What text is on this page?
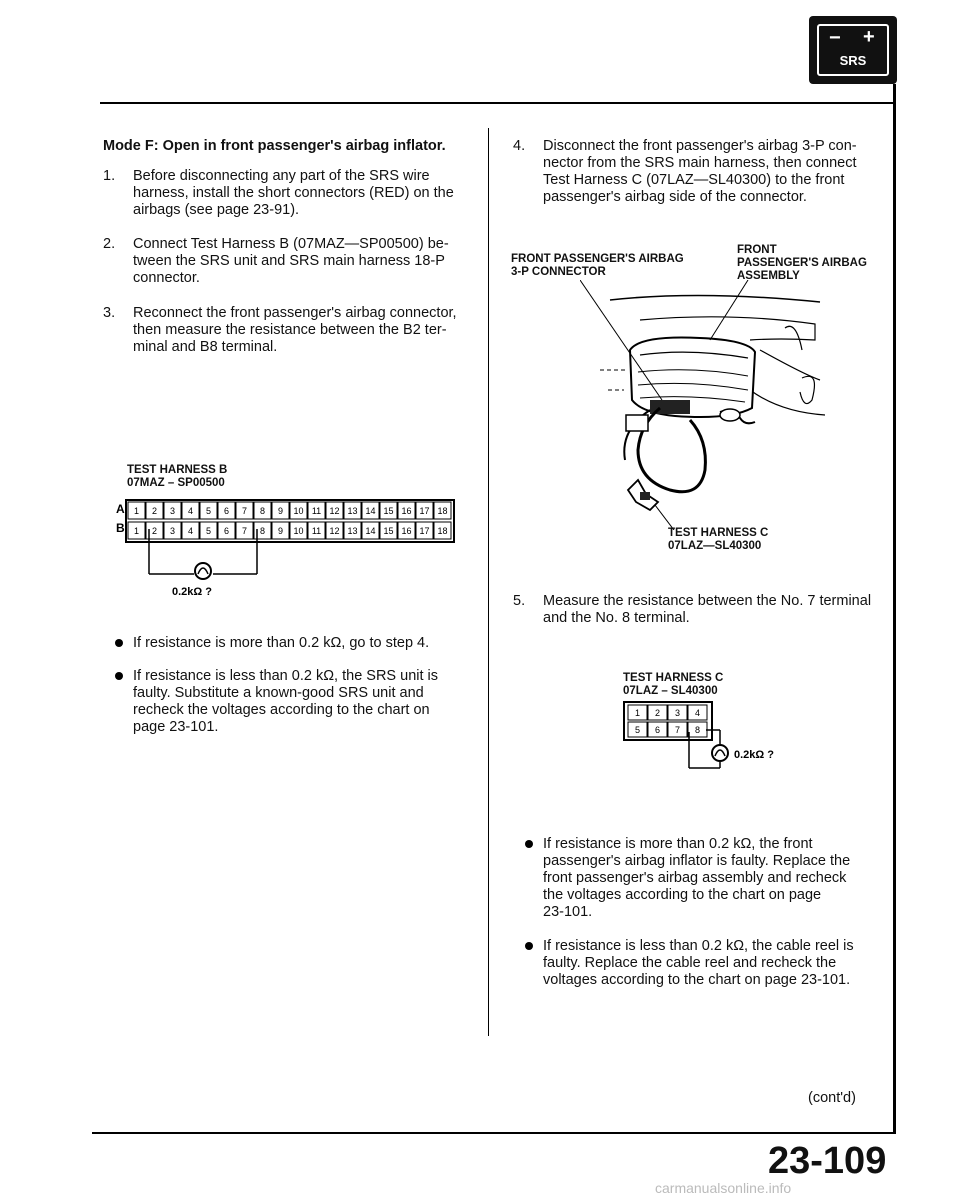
− +
SRS

Mode F: Open in front passenger's airbag inflator.

1. Before disconnecting any part of the SRS wire
harness, install the short connectors (RED) on the
airbags (see page 23-91).
2. Connect Test Harness B (07MAZ—SP00500) be-
tween the SRS unit and SRS main harness 18-P
connector.
3. Reconnect the front passenger's airbag connector,
then measure the resistance between the B2 ter-
minal and B8 terminal.
TEST HARNESS B
07MAZ – SP00500
A
B
1 2 3 4 5 6 7 8 9 10 11 12 13 14 15 16 17 18
1 2 3 4 5 6 7 8 9 10 11 12 13 14 15 16 17 18
0.2kΩ ?
If resistance is more than 0.2 kΩ, go to step 4.
If resistance is less than 0.2 kΩ, the SRS unit is
faulty. Substitute a known-good SRS unit and
recheck the voltages according to the chart on
page 23-101.
4. Disconnect the front passenger's airbag 3-P con-
nector from the SRS main harness, then connect
Test Harness C (07LAZ—SL40300) to the front
passenger's airbag side of the connector.
FRONT PASSENGER'S AIRBAG
3-P CONNECTOR
FRONT
PASSENGER'S AIRBAG
ASSEMBLY
TEST HARNESS C
07LAZ—SL40300
5. Measure the resistance between the No. 7 terminal
and the No. 8 terminal.
TEST HARNESS C
07LAZ – SL40300
1 2 3 4
5 6 7 8
0.2kΩ ?
If resistance is more than 0.2 kΩ, the front
passenger's airbag inflator is faulty. Replace the
front passenger's airbag assembly and recheck
the voltages according to the chart on page
23-101.
If resistance is less than 0.2 kΩ, the cable reel is
faulty. Replace the cable reel and recheck the
voltages according to the chart on page 23-101.
(cont'd)
23-109
carmanualsonline.info
